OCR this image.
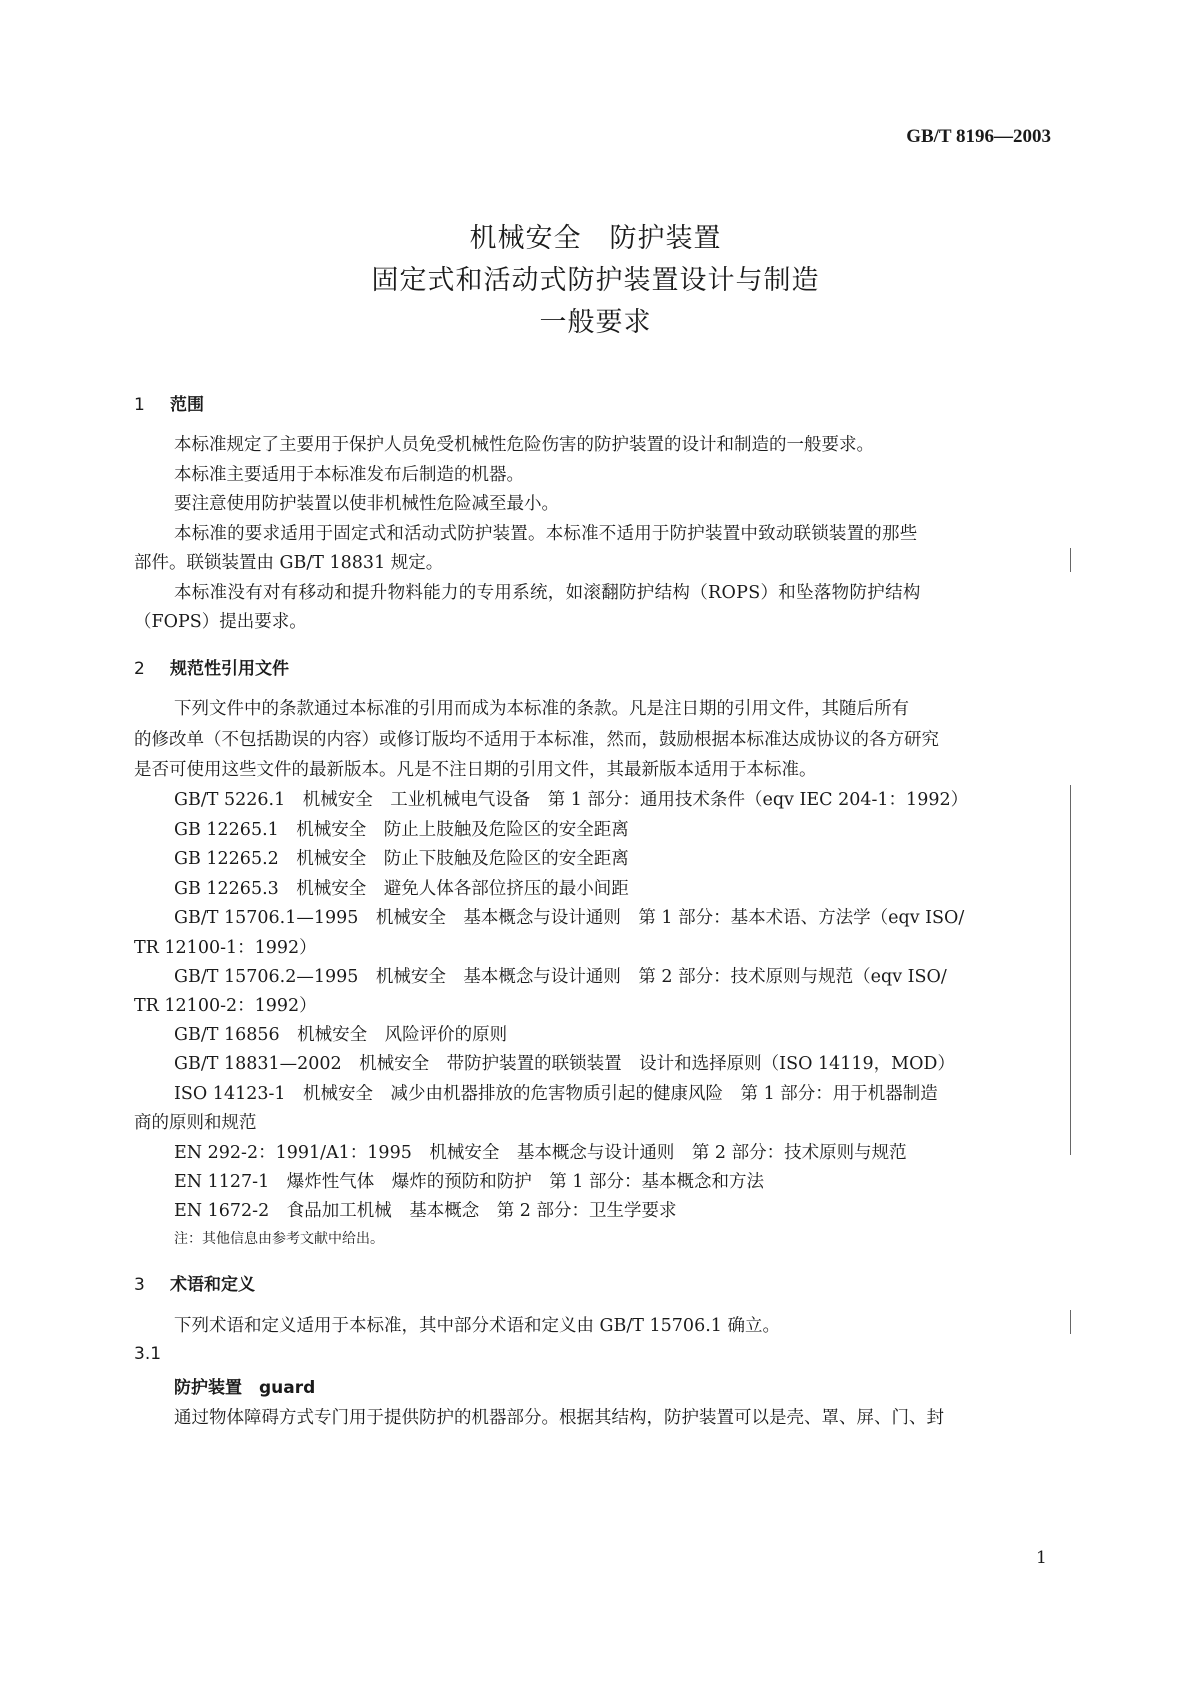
GB/T 8196—2003
机械安全　防护装置
固定式和活动式防护装置设计与制造
一般要求
1 范围
本标准规定了主要用于保护人员免受机械性危险伤害的防护装置的设计和制造的一般要求。
本标准主要适用于本标准发布后制造的机器。
要注意使用防护装置以使非机械性危险减至最小。
本标准的要求适用于固定式和活动式防护装置。本标准不适用于防护装置中致动联锁装置的那些
部件。联锁装置由 GB/T 18831 规定。
本标准没有对有移动和提升物料能力的专用系统，如滚翻防护结构（ROPS）和坠落物防护结构
（FOPS）提出要求。
2 规范性引用文件
下列文件中的条款通过本标准的引用而成为本标准的条款。凡是注日期的引用文件，其随后所有
的修改单（不包括勘误的内容）或修订版均不适用于本标准，然而，鼓励根据本标准达成协议的各方研究
是否可使用这些文件的最新版本。凡是不注日期的引用文件，其最新版本适用于本标准。
GB/T 5226.1　机械安全　工业机械电气设备　第 1 部分：通用技术条件（eqv IEC 204-1：1992）
GB 12265.1　机械安全　防止上肢触及危险区的安全距离
GB 12265.2　机械安全　防止下肢触及危险区的安全距离
GB 12265.3　机械安全　避免人体各部位挤压的最小间距
GB/T 15706.1—1995　机械安全　基本概念与设计通则　第 1 部分：基本术语、方法学（eqv ISO/
TR 12100-1：1992）
GB/T 15706.2—1995　机械安全　基本概念与设计通则　第 2 部分：技术原则与规范（eqv ISO/
TR 12100-2：1992）
GB/T 16856　机械安全　风险评价的原则
GB/T 18831—2002　机械安全　带防护装置的联锁装置　设计和选择原则（ISO 14119，MOD）
ISO 14123-1　机械安全　减少由机器排放的危害物质引起的健康风险　第 1 部分：用于机器制造
商的原则和规范
EN 292-2：1991/A1：1995　机械安全　基本概念与设计通则　第 2 部分：技术原则与规范
EN 1127-1　爆炸性气体　爆炸的预防和防护　第 1 部分：基本概念和方法
EN 1672-2　食品加工机械　基本概念　第 2 部分：卫生学要求
注：其他信息由参考文献中给出。
3 术语和定义
下列术语和定义适用于本标准，其中部分术语和定义由 GB/T 15706.1 确立。
3.1
防护装置　guard
通过物体障碍方式专门用于提供防护的机器部分。根据其结构，防护装置可以是壳、罩、屏、门、封
1
